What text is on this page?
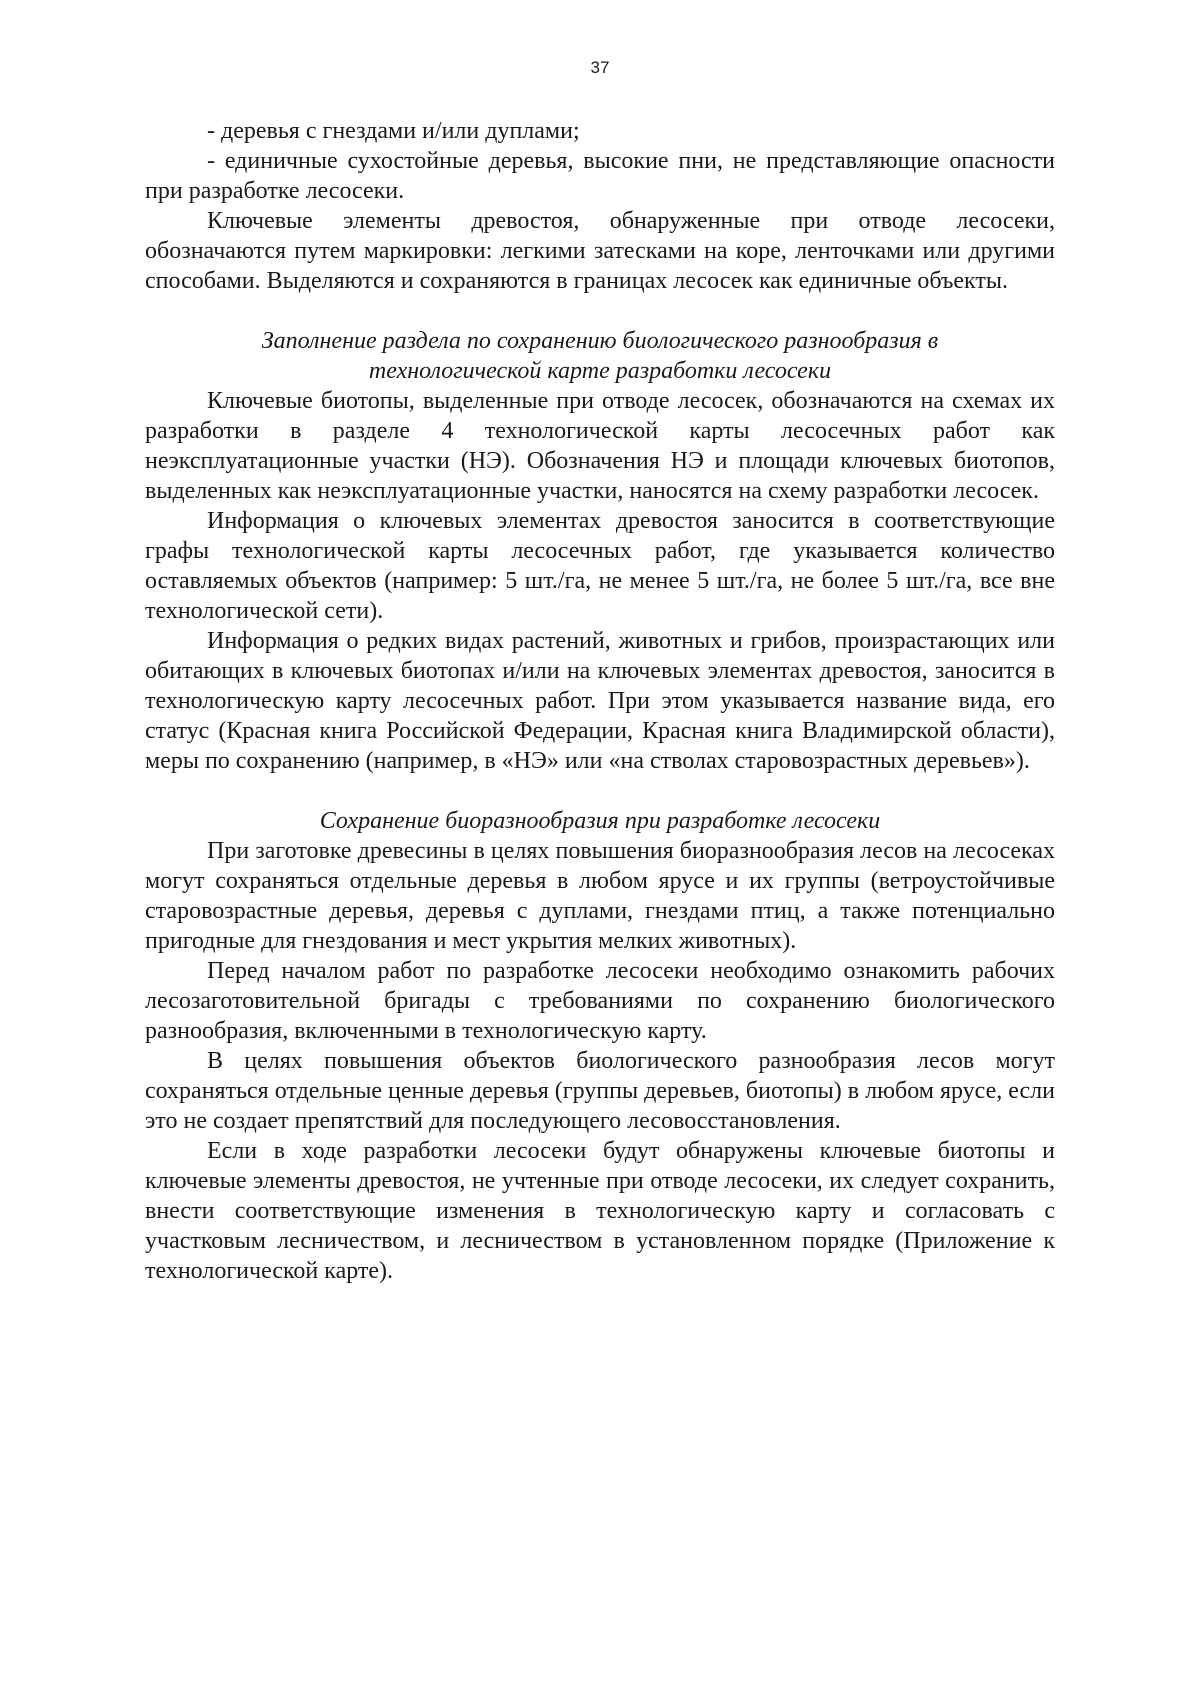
37

- деревья с гнездами и/или дуплами;

- единичные сухостойные деревья, высокие пни, не представляющие опасности при разработке лесосеки.

Ключевые элементы древостоя, обнаруженные при отводе лесосеки, обозначаются путем маркировки: легкими затесками на коре, ленточками или другими способами. Выделяются и сохраняются в границах лесосек как единичные объекты.

Заполнение раздела по сохранению биологического разнообразия в технологической карте разработки лесосеки

Ключевые биотопы, выделенные при отводе лесосек, обозначаются на схемах их разработки в разделе 4 технологической карты лесосечных работ как неэксплуатационные участки (НЭ). Обозначения НЭ и площади ключевых биотопов, выделенных как неэксплуатационные участки, наносятся на схему разработки лесосек.

Информация о ключевых элементах древостоя заносится в соответствующие графы технологической карты лесосечных работ, где указывается количество оставляемых объектов (например: 5 шт./га, не менее 5 шт./га, не более 5 шт./га, все вне технологической сети).

Информация о редких видах растений, животных и грибов, произрастающих или обитающих в ключевых биотопах и/или на ключевых элементах древостоя, заносится в технологическую карту лесосечных работ. При этом указывается название вида, его статус (Красная книга Российской Федерации, Красная книга Владимирской области), меры по сохранению (например, в «НЭ» или «на стволах старовозрастных деревьев»).

Сохранение биоразнообразия при разработке лесосеки

При заготовке древесины в целях повышения биоразнообразия лесов на лесосеках могут сохраняться отдельные деревья в любом ярусе и их группы (ветроустойчивые старовозрастные деревья, деревья с дуплами, гнездами птиц, а также потенциально пригодные для гнездования и мест укрытия мелких животных).

Перед началом работ по разработке лесосеки необходимо ознакомить рабочих лесозаготовительной бригады с требованиями по сохранению биологического разнообразия, включенными в технологическую карту.

В целях повышения объектов биологического разнообразия лесов могут сохраняться отдельные ценные деревья (группы деревьев, биотопы) в любом ярусе, если это не создает препятствий для последующего лесовосстановления.

Если в ходе разработки лесосеки будут обнаружены ключевые биотопы и ключевые элементы древостоя, не учтенные при отводе лесосеки, их следует сохранить, внести соответствующие изменения в технологическую карту и согласовать с участковым лесничеством, и лесничеством в установленном порядке (Приложение к технологической карте).
